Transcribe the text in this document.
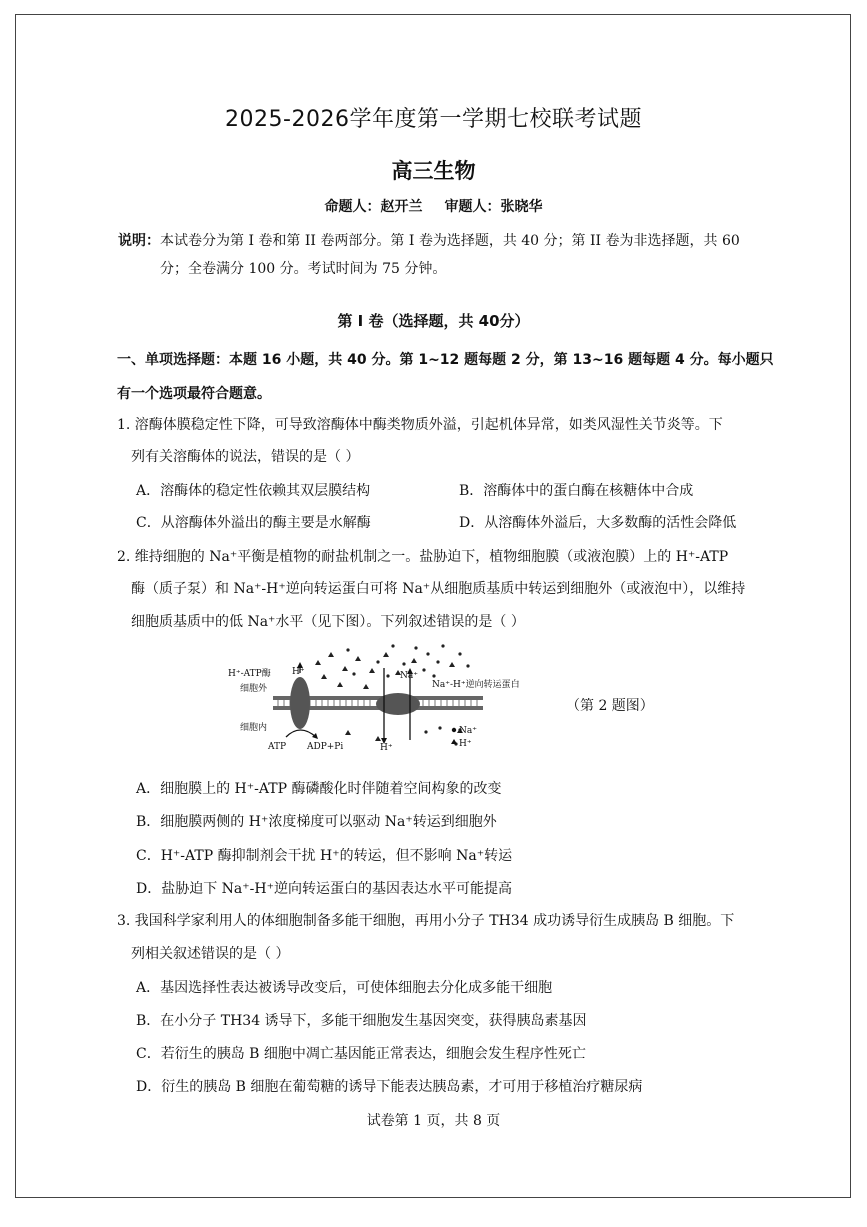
2025-2026学年度第一学期七校联考试题
高三生物
命题人：赵开兰 审题人：张晓华
说明： 本试卷分为第 I 卷和第 II 卷两部分。第 I 卷为选择题，共 40 分；第 II 卷为非选择题，共 60
分；全卷满分 100 分。考试时间为 75 分钟。
第 I 卷（选择题，共 40分）
一、单项选择题：本题 16 小题，共 40 分。第 1~12 题每题 2 分，第 13~16 题每题 4 分。每小题只
有一个选项最符合题意。
1. 溶酶体膜稳定性下降，可导致溶酶体中酶类物质外溢，引起机体异常，如类风湿性关节炎等。下
列有关溶酶体的说法，错误的是（ ）
A．溶酶体的稳定性依赖其双层膜结构	B．溶酶体中的蛋白酶在核糖体中合成
C．从溶酶体外溢出的酶主要是水解酶	D．从溶酶体外溢后，大多数酶的活性会降低
2. 维持细胞的 Na⁺平衡是植物的耐盐机制之一。盐胁迫下，植物细胞膜（或液泡膜）上的 H⁺-ATP
酶（质子泵）和 Na⁺-H⁺逆向转运蛋白可将 Na⁺从细胞质基质中转运到细胞外（或液泡中），以维持
细胞质基质中的低 Na⁺水平（见下图）。下列叙述错误的是（ ）
H⁺-ATP酶
细胞外
细胞内
H⁺	Na⁺
Na⁺-H⁺逆向转运蛋白
ATP ADP+Pi	H⁺
Na⁺
H⁺
（第 2 题图）
A．细胞膜上的 H⁺-ATP 酶磷酸化时伴随着空间构象的改变
B．细胞膜两侧的 H⁺浓度梯度可以驱动 Na⁺转运到细胞外
C．H⁺-ATP 酶抑制剂会干扰 H⁺的转运，但不影响 Na⁺转运
D．盐胁迫下 Na⁺-H⁺逆向转运蛋白的基因表达水平可能提高
3. 我国科学家利用人的体细胞制备多能干细胞，再用小分子 TH34 成功诱导衍生成胰岛 B 细胞。下
列相关叙述错误的是（ ）
A．基因选择性表达被诱导改变后，可使体细胞去分化成多能干细胞
B．在小分子 TH34 诱导下，多能干细胞发生基因突变，获得胰岛素基因
C．若衍生的胰岛 B 细胞中凋亡基因能正常表达，细胞会发生程序性死亡
D．衍生的胰岛 B 细胞在葡萄糖的诱导下能表达胰岛素，才可用于移植治疗糖尿病
试卷第 1 页，共 8 页
